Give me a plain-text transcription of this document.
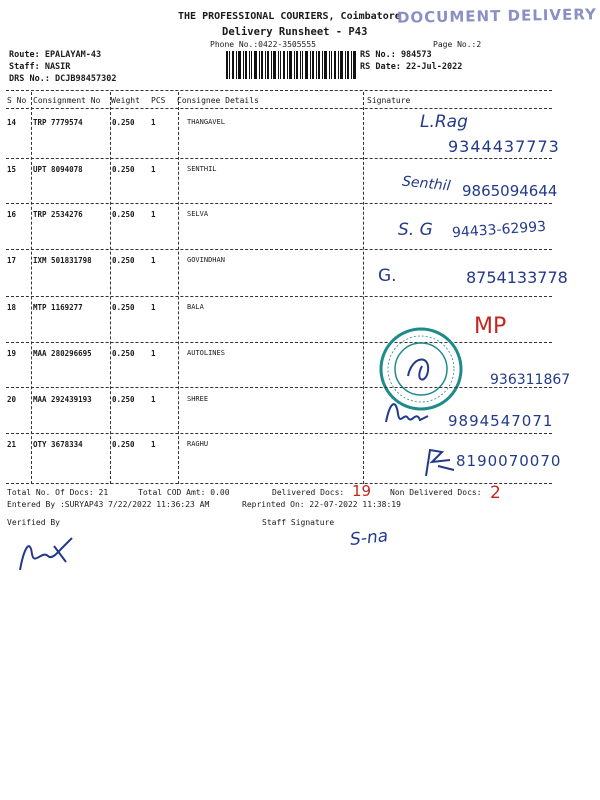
THE PROFESSIONAL COURIERS, Coimbatore
DOCUMENT DELIVERY
Delivery Runsheet - P43
Phone No.:0422-3505555	Page No.:2
Route: EPALAYAM-43
Staff: NASIR
DRS No.: DCJB98457302
RS No.: 984573
RS Date: 22-Jul-2022
S No Consignment No Weight PCS Consignee Details	Signature
14 TRP 7779574	0.250 1	THANGAVEL	L.Rag
9344437773
15 UPT 8094078	0.250 1	SENTHIL
Senthil 9865094644
16 TRP 2534276	0.250 1	SELVA
S. G 94433-62993
17 IXM 501831798	0.250 1	GOVINDHAN
G.	8754133778
18 MTP 1169277	0.250 1	BALA
MP
19 MAA 280296695	0.250 1	AUTOLINES
936311867
20 MAA 292439193	0.250 1	SHREE
9894547071
21 OTY 3678334	0.250 1	RAGHU
8190070070
Total No. Of Docs: 21	Total COD Amt: 0.00	Delivered Docs: 19 Non Delivered Docs: 2
Entered By :SURYAP43 7/22/2022 11:36:23 AM	Reprinted On: 22-07-2022 11:38:19
Verified By	Staff Signature
S-na
